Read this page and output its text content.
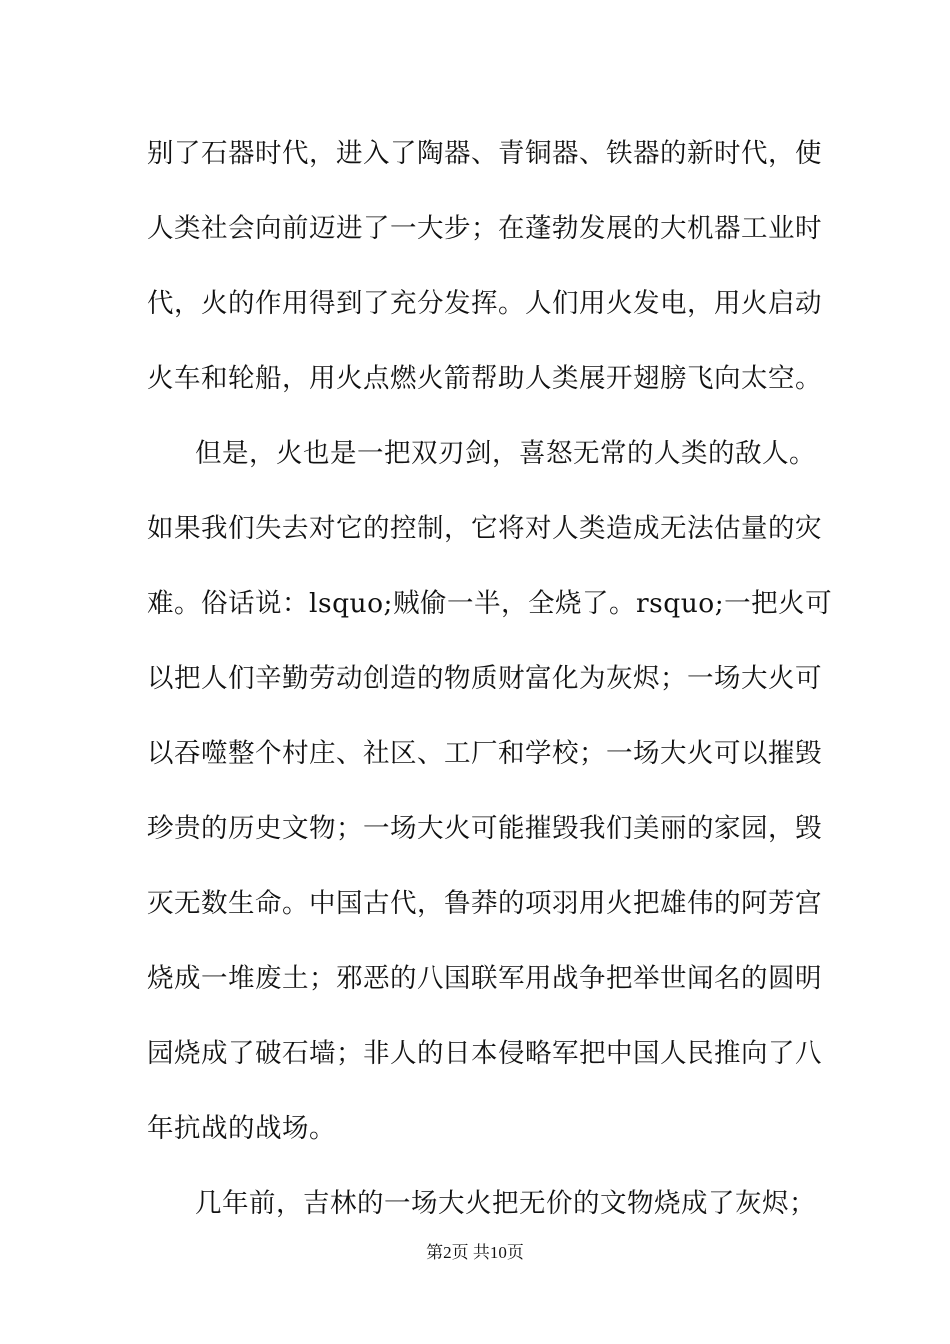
别了石器时代，进入了陶器、青铜器、铁器的新时代，使
人类社会向前迈进了一大步；在蓬勃发展的大机器工业时
代，火的作用得到了充分发挥。人们用火发电，用火启动
火车和轮船，用火点燃火箭帮助人类展开翅膀飞向太空。
但是，火也是一把双刃剑，喜怒无常的人类的敌人。
如果我们失去对它的控制，它将对人类造成无法估量的灾
难。俗话说：lsquo;贼偷一半，全烧了。rsquo;一把火可
以把人们辛勤劳动创造的物质财富化为灰烬；一场大火可
以吞噬整个村庄、社区、工厂和学校；一场大火可以摧毁
珍贵的历史文物；一场大火可能摧毁我们美丽的家园，毁
灭无数生命。中国古代，鲁莽的项羽用火把雄伟的阿芳宫
烧成一堆废土；邪恶的八国联军用战争把举世闻名的圆明
园烧成了破石墙；非人的日本侵略军把中国人民推向了八
年抗战的战场。
几年前，吉林的一场大火把无价的文物烧成了灰烬；
第2页 共10页
